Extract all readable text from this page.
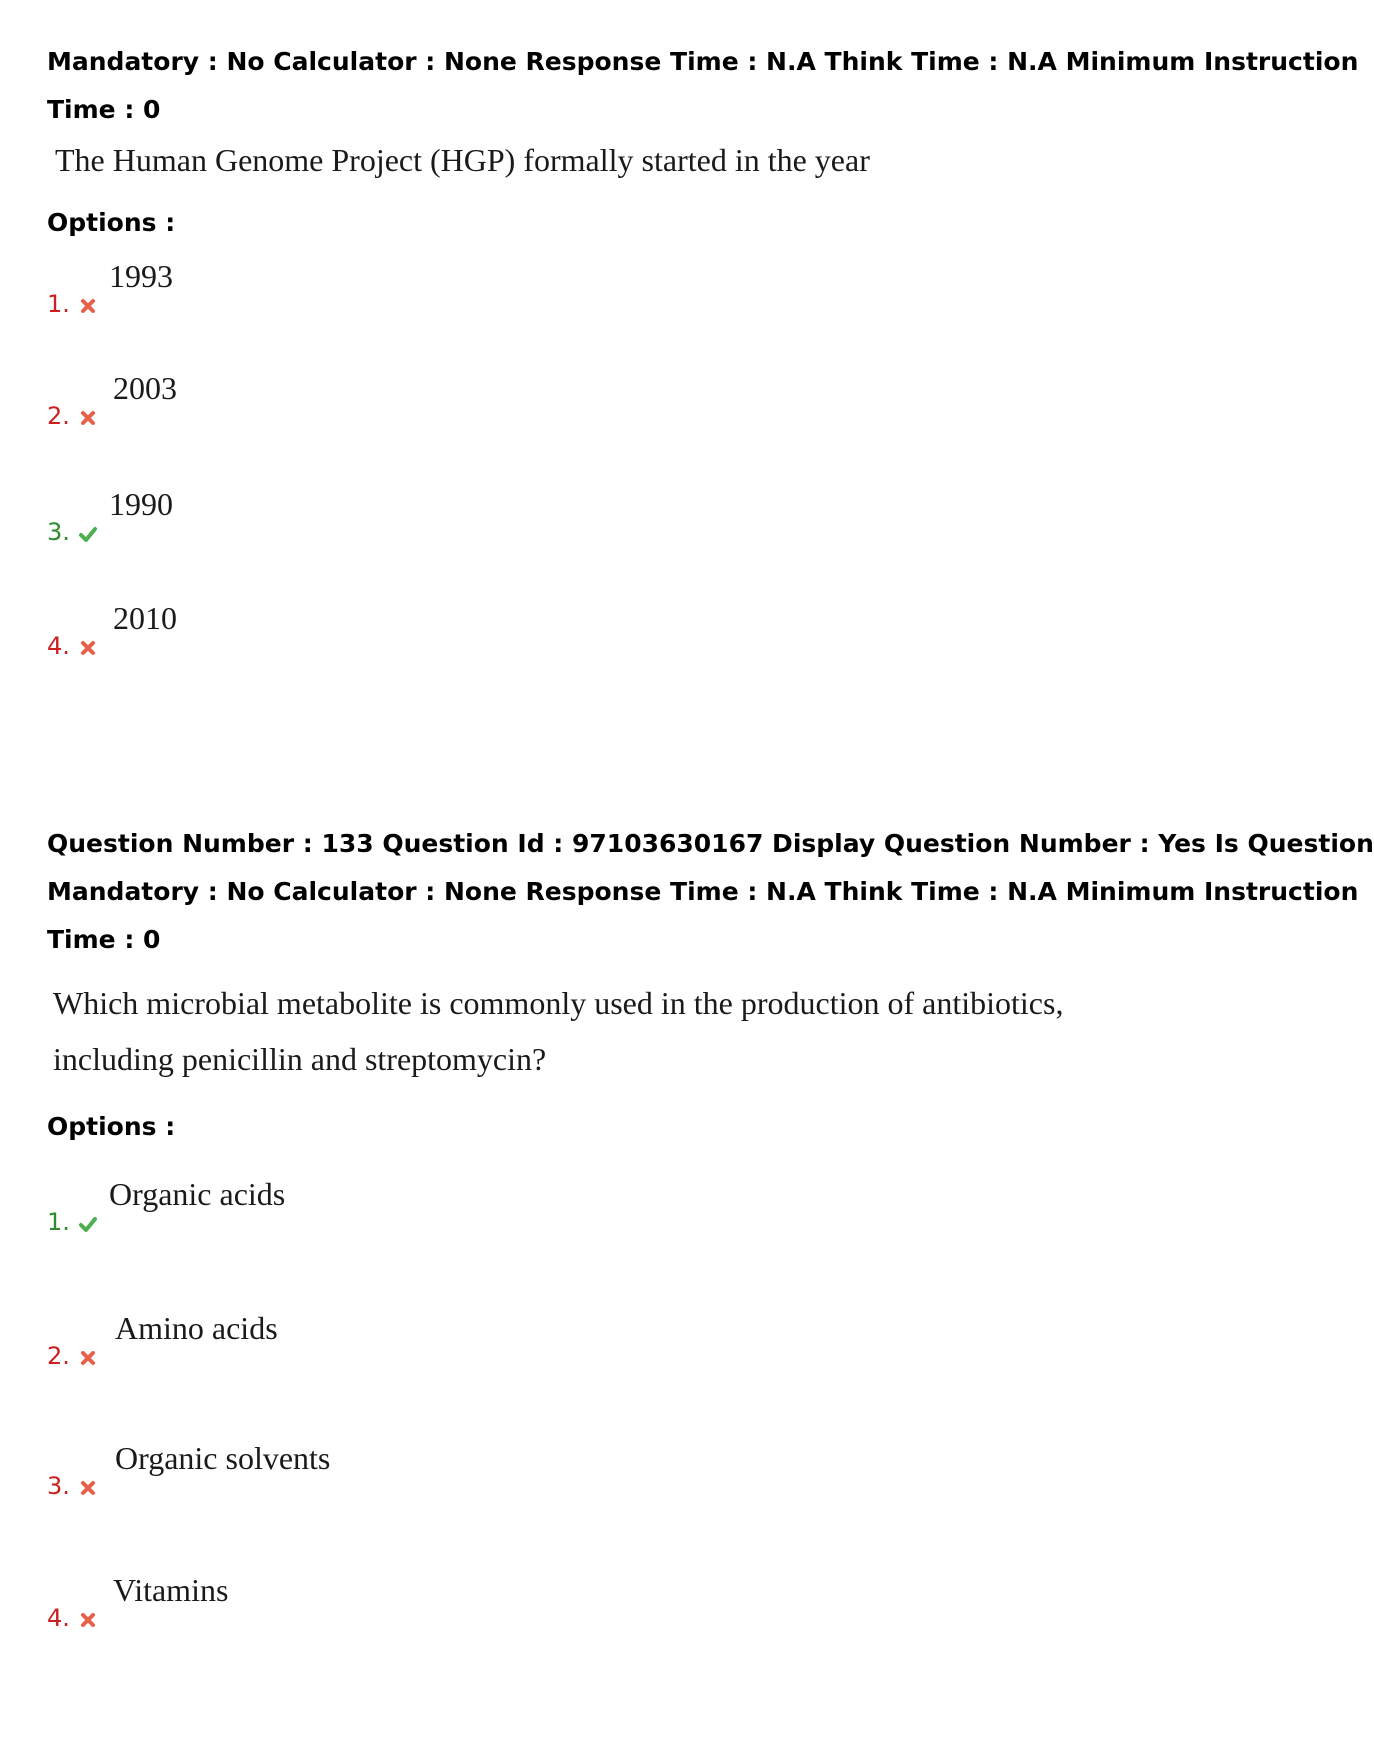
Mandatory : No Calculator : None Response Time : N.A Think Time : N.A Minimum Instruction

Time : 0

The Human Genome Project (HGP) formally started in the year

Options :

1.
1993
2.
2003
3.
1990
4.
2010

Question Number : 133 Question Id : 97103630167 Display Question Number : Yes Is Question

Mandatory : No Calculator : None Response Time : N.A Think Time : N.A Minimum Instruction

Time : 0

Which microbial metabolite is commonly used in the production of antibiotics,
including penicillin and streptomycin?

Options :

1.
Organic acids
2.
Amino acids
3.
Organic solvents
4.
Vitamins
